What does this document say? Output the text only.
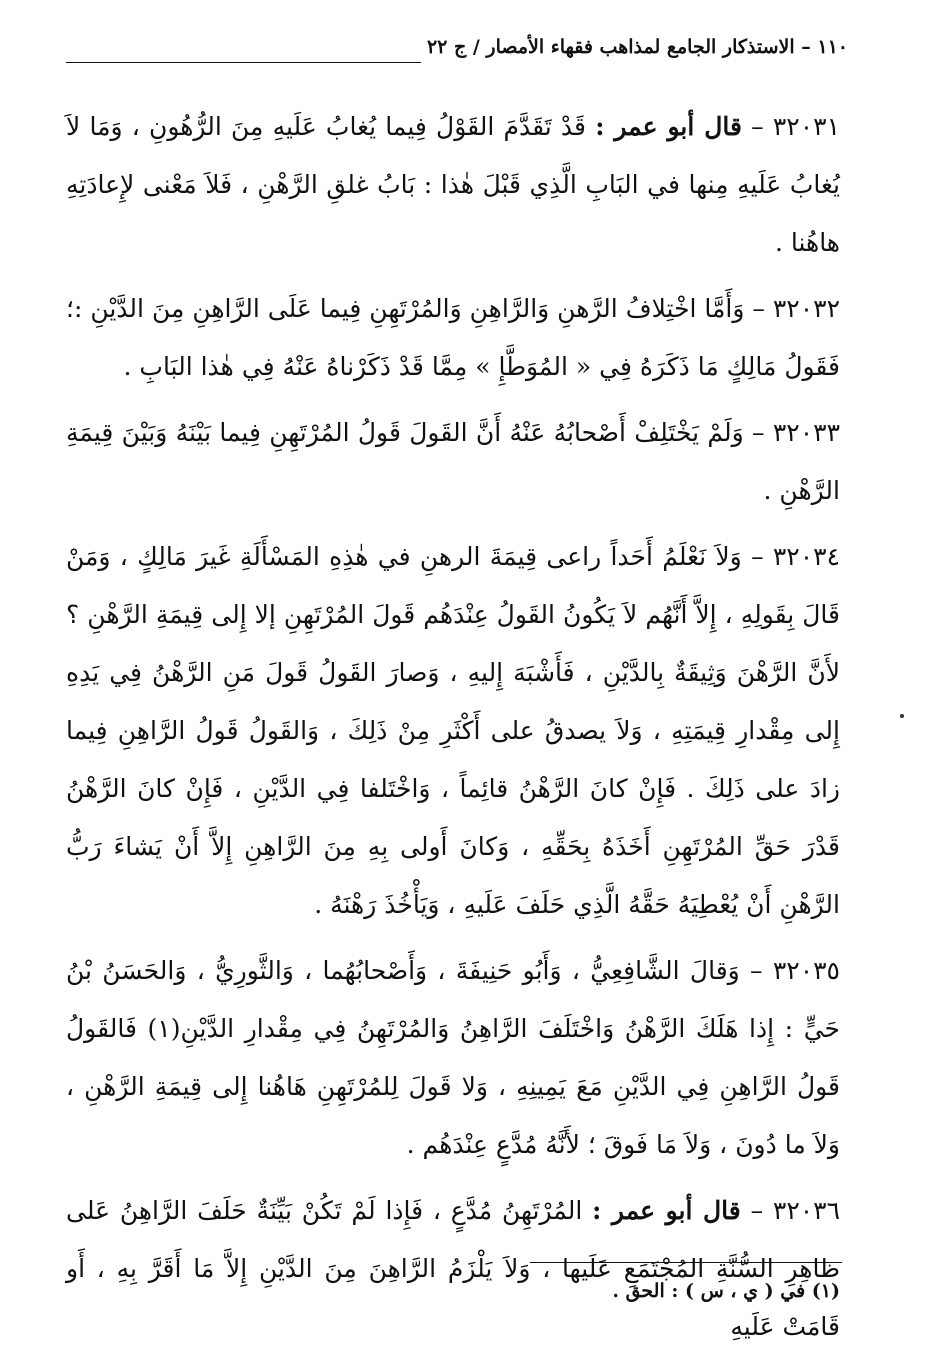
١١٠ – الاستذكار الجامع لمذاهب فقهاء الأمصار / ج ٢٢

٣٢٠٣١ – قال أبو عمر : قَدْ تَقَدَّمَ القَوْلُ فِيما يُغابُ عَلَيهِ مِنَ الرُّهُونِ ، وَمَا لاَ يُغابُ عَلَيهِ مِنها في البَابِ الَّذِي قَبْلَ هٰذا : بَابُ غلقِ الرَّهْنِ ، فَلاَ مَعْنى لإِعادَتِهِ هاهُنا .

٣٢٠٣٢ – وَأَمَّا اخْتِلافُ الرَّهنِ وَالرَّاهِنِ وَالمُرْتَهِنِ فِيما عَلَى الرَّاهِنِ مِنَ الدَّيْنِ :؛ فَقَولُ مَالِكٍ مَا ذَكَرَهُ فِي « المُوَطَّإِ » مِمَّا قَدْ ذَكَرْناهُ عَنْهُ فِي هٰذا البَابِ .

٣٢٠٣٣ – وَلَمْ يَخْتَلِفْ أَصْحابُهُ عَنْهُ أَنَّ القَولَ قَولُ المُرْتَهِنِ فِيما بَيْنَهُ وَبَيْنَ قِيمَةِ الرَّهْنِ .

٣٢٠٣٤ – وَلاَ نَعْلَمُ أَحَداً راعى قِيمَةَ الرهنِ في هٰذِهِ المَسْأَلَةِ غَيرَ مَالِكٍ ، وَمَنْ قَالَ بِقَولِهِ ، إِلاَّ أَنَّهُم لاَ يَكُونُ القَولُ عِنْدَهُم قَولَ المُرْتَهِنِ إلا إِلى قِيمَةِ الرَّهْنِ ؟ لأَنَّ الرَّهْنَ وَثِيقَةٌ بِالدَّيْنِ ، فَأَشْبَهَ إِليهِ ، وَصارَ القَولُ قَولَ مَنِ الرَّهْنُ فِي يَدِهِ إِلى مِقْدارِ قِيمَتِهِ ، وَلاَ يصدقُ على أَكْثَرِ مِنْ ذَلِكَ ، وَالقَولُ قَولُ الرَّاهِنِ فِيما زادَ على ذَلِكَ . فَإِنْ كانَ الرَّهْنُ قائِماً ، وَاخْتَلفا فِي الدَّيْنِ ، فَإِنْ كانَ الرَّهْنُ قَدْرَ حَقِّ المُرْتَهِنِ أَخَذَهُ بِحَقِّهِ ، وَكانَ أَولى بِهِ مِنَ الرَّاهِنِ إِلاَّ أَنْ يَشاءَ رَبُّ الرَّهْنِ أَنْ يُعْطِيَهُ حَقَّهُ الَّذِي حَلَفَ عَلَيهِ ، وَيَأْخُذَ رَهْنَهُ .

٣٢٠٣٥ – وَقالَ الشَّافِعِيُّ ، وَأَبُو حَنِيفَةَ ، وَأَصْحابُهُما ، وَالثَّورِيُّ ، وَالحَسَنُ بْنُ حَيٍّ : إِذا هَلَكَ الرَّهْنُ وَاخْتَلَفَ الرَّاهِنُ وَالمُرْتَهِنُ فِي مِقْدارِ الدَّيْنِ(١) فَالقَولُ قَولُ الرَّاهِنِ فِي الدَّيْنِ مَعَ يَمِينِهِ ، وَلا قَولَ لِلمُرْتَهِنِ هَاهُنا إِلى قِيمَةِ الرَّهْنِ ، وَلاَ ما دُونَ ، وَلاَ مَا فَوقَ ؛ لأَنَّهُ مُدَّعٍ عِنْدَهُم .

٣٢٠٣٦ – قال أبو عمر : المُرْتَهِنُ مُدَّعٍ ، فَإِذا لَمْ تَكُنْ بَيِّنَةٌ حَلَفَ الرَّاهِنُ عَلى ظاهِرِ السُّنَّةِ المُجْتَمَعِ عَلَيها ، وَلاَ يَلْزَمُ الرَّاهِنَ مِنَ الدَّيْنِ إِلاَّ مَا أَقَرَّ بِهِ ، أَو قَامَتْ عَلَيهِ

(١) في ( ي ، س ) : الحق .
